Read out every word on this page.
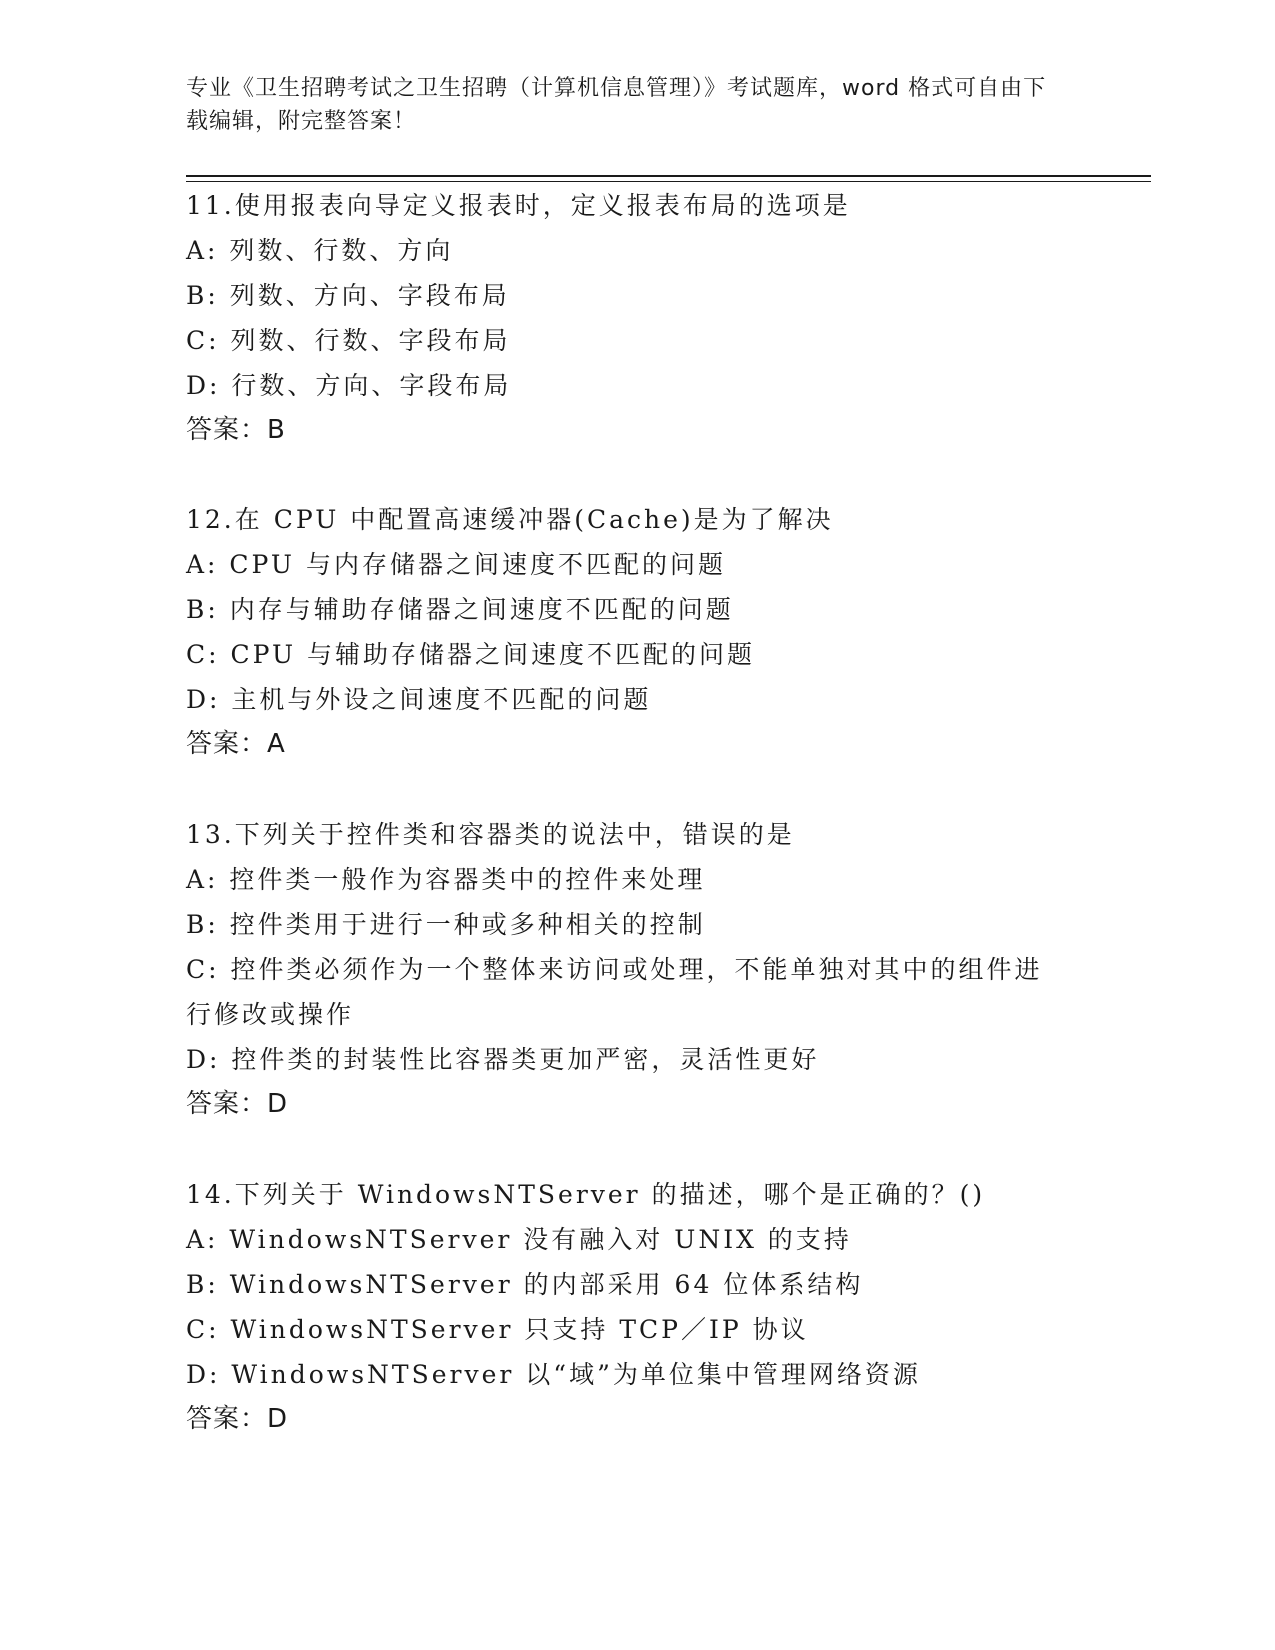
专业《卫生招聘考试之卫生招聘（计算机信息管理）》考试题库，word 格式可自由下载编辑，附完整答案！
11.使用报表向导定义报表时，定义报表布局的选项是
A: 列数、行数、方向
B: 列数、方向、字段布局
C: 列数、行数、字段布局
D: 行数、方向、字段布局
答案：B
12.在 CPU 中配置高速缓冲器(Cache)是为了解决
A: CPU 与内存储器之间速度不匹配的问题
B: 内存与辅助存储器之间速度不匹配的问题
C: CPU 与辅助存储器之间速度不匹配的问题
D: 主机与外设之间速度不匹配的问题
答案：A
13.下列关于控件类和容器类的说法中，错误的是
A: 控件类一般作为容器类中的控件来处理
B: 控件类用于进行一种或多种相关的控制
C: 控件类必须作为一个整体来访问或处理，不能单独对其中的组件进行修改或操作
D: 控件类的封装性比容器类更加严密，灵活性更好
答案：D
14.下列关于 WindowsNTServer 的描述，哪个是正确的？()
A: WindowsNTServer 没有融入对 UNIX 的支持
B: WindowsNTServer 的内部采用 64 位体系结构
C: WindowsNTServer 只支持 TCP／IP 协议
D: WindowsNTServer 以“域”为单位集中管理网络资源
答案：D
